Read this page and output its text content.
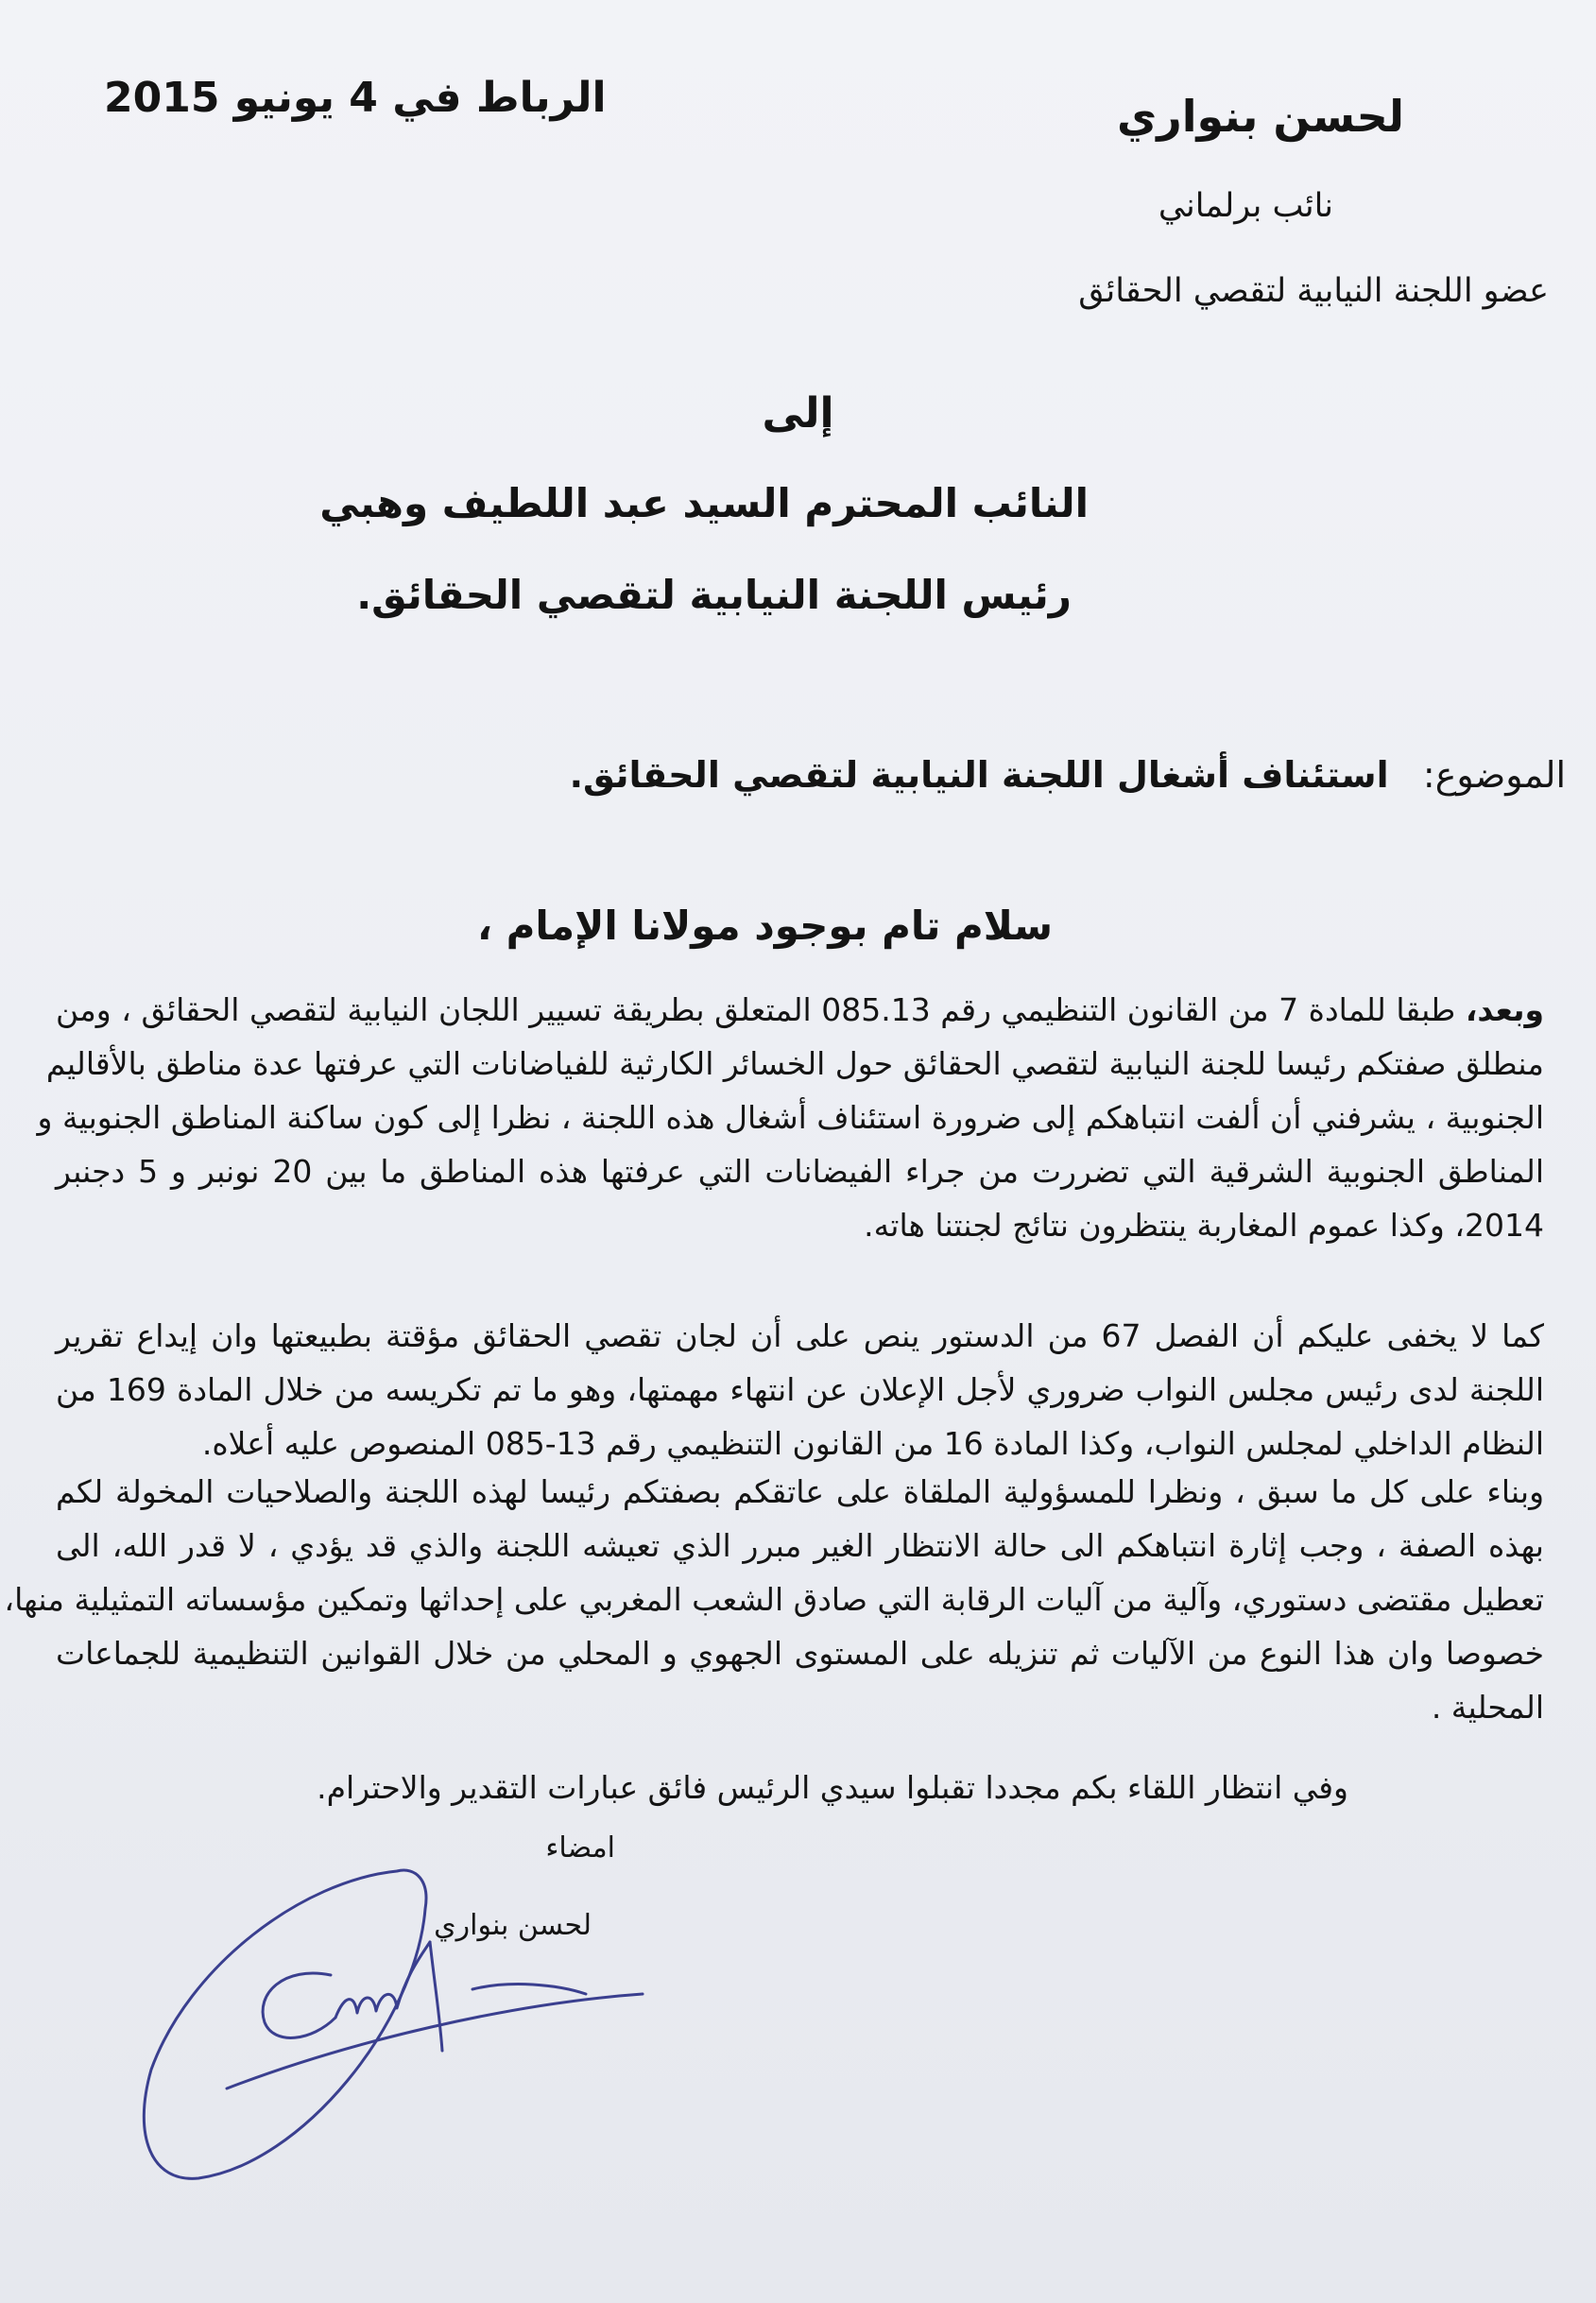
الرباط في 4 يونيو 2015	لحسن بنواري
نائب برلماني
عضو اللجنة النيابية لتقصي الحقائق
إلى
النائب المحترم السيد عبد اللطيف وهبي
رئيس اللجنة النيابية لتقصي الحقائق.
الموضوع:   استئناف أشغال اللجنة النيابية لتقصي الحقائق.
سلام تام بوجود مولانا الإمام ،
وبعد، طبقا للمادة 7 من القانون التنظيمي رقم 085.13 المتعلق بطريقة تسيير اللجان النيابية لتقصي الحقائق ، ومن
منطلق صفتكم رئيسا للجنة النيابية لتقصي الحقائق حول الخسائر الكارثية للفياضانات التي عرفتها عدة مناطق بالأقاليم
الجنوبية ، يشرفني أن ألفت انتباهكم إلى ضرورة استئناف أشغال هذه اللجنة ، نظرا إلى كون ساكنة المناطق الجنوبية و
المناطق الجنوبية الشرقية التي تضررت من جراء الفيضانات التي عرفتها هذه المناطق ما بين 20 نونبر و 5 دجنبر
2014، وكذا عموم المغاربة ينتظرون نتائج لجنتنا هاته.
كما لا يخفى عليكم أن الفصل 67 من الدستور ينص على أن لجان تقصي الحقائق مؤقتة بطبيعتها وان إيداع تقرير
اللجنة لدى رئيس مجلس النواب ضروري لأجل الإعلان عن انتهاء مهمتها، وهو ما تم تكريسه من خلال المادة 169 من
النظام الداخلي لمجلس النواب، وكذا المادة 16 من القانون التنظيمي رقم 13-085 المنصوص عليه أعلاه.
وبناء على كل ما سبق ، ونظرا للمسؤولية الملقاة على عاتقكم بصفتكم رئيسا لهذه اللجنة والصلاحيات المخولة لكم
بهذه الصفة ، وجب إثارة انتباهكم الى حالة الانتظار الغير مبرر الذي تعيشه اللجنة والذي قد يؤدي ، لا قدر الله، الى
تعطيل مقتضى دستوري، وآلية من آليات الرقابة التي صادق الشعب المغربي على إحداثها وتمكين مؤسساته التمثيلية منها،
خصوصا وان هذا النوع من الآليات ثم تنزيله على المستوى الجهوي و المحلي من خلال القوانين التنظيمية للجماعات
المحلية .
وفي انتظار اللقاء بكم مجددا تقبلوا سيدي الرئيس فائق عبارات التقدير والاحترام.
امضاء
لحسن بنواري
